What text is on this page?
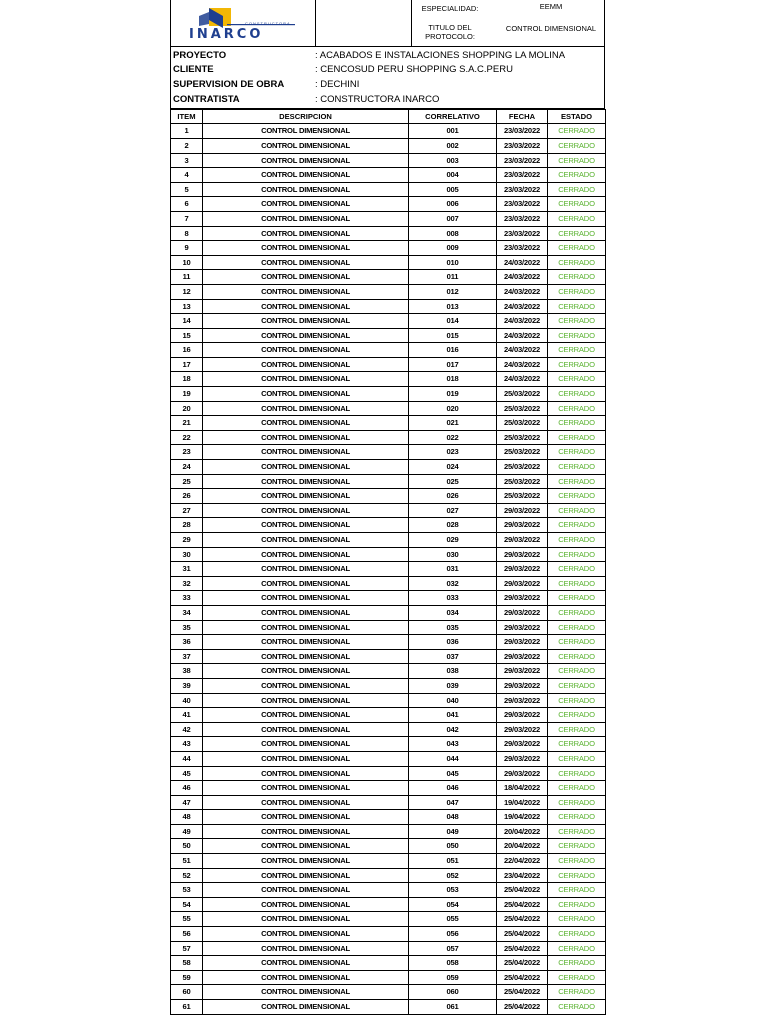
CONSTRUCTORA
INARCO
ESPECIALIDAD:	EEMM
TITULO DEL
PROTOCOLO:
CONTROL DIMENSIONAL
PROYECTO	: ACABADOS E INSTALACIONES SHOPPING LA MOLINA
CLIENTE	: CENCOSUD PERU SHOPPING S.A.C.PERU
SUPERVISION DE OBRA	: DECHINI
CONTRATISTA	: CONSTRUCTORA INARCO
ITEM	DESCRIPCION	CORRELATIVO	FECHA	ESTADO
1	CONTROL DIMENSIONAL	001	23/03/2022	CERRADO
2	CONTROL DIMENSIONAL	002	23/03/2022	CERRADO
3	CONTROL DIMENSIONAL	003	23/03/2022	CERRADO
4	CONTROL DIMENSIONAL	004	23/03/2022	CERRADO
5	CONTROL DIMENSIONAL	005	23/03/2022	CERRADO
6	CONTROL DIMENSIONAL	006	23/03/2022	CERRADO
7	CONTROL DIMENSIONAL	007	23/03/2022	CERRADO
8	CONTROL DIMENSIONAL	008	23/03/2022	CERRADO
9	CONTROL DIMENSIONAL	009	23/03/2022	CERRADO
10	CONTROL DIMENSIONAL	010	24/03/2022	CERRADO
11	CONTROL DIMENSIONAL	011	24/03/2022	CERRADO
12	CONTROL DIMENSIONAL	012	24/03/2022	CERRADO
13	CONTROL DIMENSIONAL	013	24/03/2022	CERRADO
14	CONTROL DIMENSIONAL	014	24/03/2022	CERRADO
15	CONTROL DIMENSIONAL	015	24/03/2022	CERRADO
16	CONTROL DIMENSIONAL	016	24/03/2022	CERRADO
17	CONTROL DIMENSIONAL	017	24/03/2022	CERRADO
18	CONTROL DIMENSIONAL	018	24/03/2022	CERRADO
19	CONTROL DIMENSIONAL	019	25/03/2022	CERRADO
20	CONTROL DIMENSIONAL	020	25/03/2022	CERRADO
21	CONTROL DIMENSIONAL	021	25/03/2022	CERRADO
22	CONTROL DIMENSIONAL	022	25/03/2022	CERRADO
23	CONTROL DIMENSIONAL	023	25/03/2022	CERRADO
24	CONTROL DIMENSIONAL	024	25/03/2022	CERRADO
25	CONTROL DIMENSIONAL	025	25/03/2022	CERRADO
26	CONTROL DIMENSIONAL	026	25/03/2022	CERRADO
27	CONTROL DIMENSIONAL	027	29/03/2022	CERRADO
28	CONTROL DIMENSIONAL	028	29/03/2022	CERRADO
29	CONTROL DIMENSIONAL	029	29/03/2022	CERRADO
30	CONTROL DIMENSIONAL	030	29/03/2022	CERRADO
31	CONTROL DIMENSIONAL	031	29/03/2022	CERRADO
32	CONTROL DIMENSIONAL	032	29/03/2022	CERRADO
33	CONTROL DIMENSIONAL	033	29/03/2022	CERRADO
34	CONTROL DIMENSIONAL	034	29/03/2022	CERRADO
35	CONTROL DIMENSIONAL	035	29/03/2022	CERRADO
36	CONTROL DIMENSIONAL	036	29/03/2022	CERRADO
37	CONTROL DIMENSIONAL	037	29/03/2022	CERRADO
38	CONTROL DIMENSIONAL	038	29/03/2022	CERRADO
39	CONTROL DIMENSIONAL	039	29/03/2022	CERRADO
40	CONTROL DIMENSIONAL	040	29/03/2022	CERRADO
41	CONTROL DIMENSIONAL	041	29/03/2022	CERRADO
42	CONTROL DIMENSIONAL	042	29/03/2022	CERRADO
43	CONTROL DIMENSIONAL	043	29/03/2022	CERRADO
44	CONTROL DIMENSIONAL	044	29/03/2022	CERRADO
45	CONTROL DIMENSIONAL	045	29/03/2022	CERRADO
46	CONTROL DIMENSIONAL	046	18/04/2022	CERRADO
47	CONTROL DIMENSIONAL	047	19/04/2022	CERRADO
48	CONTROL DIMENSIONAL	048	19/04/2022	CERRADO
49	CONTROL DIMENSIONAL	049	20/04/2022	CERRADO
50	CONTROL DIMENSIONAL	050	20/04/2022	CERRADO
51	CONTROL DIMENSIONAL	051	22/04/2022	CERRADO
52	CONTROL DIMENSIONAL	052	23/04/2022	CERRADO
53	CONTROL DIMENSIONAL	053	25/04/2022	CERRADO
54	CONTROL DIMENSIONAL	054	25/04/2022	CERRADO
55	CONTROL DIMENSIONAL	055	25/04/2022	CERRADO
56	CONTROL DIMENSIONAL	056	25/04/2022	CERRADO
57	CONTROL DIMENSIONAL	057	25/04/2022	CERRADO
58	CONTROL DIMENSIONAL	058	25/04/2022	CERRADO
59	CONTROL DIMENSIONAL	059	25/04/2022	CERRADO
60	CONTROL DIMENSIONAL	060	25/04/2022	CERRADO
61	CONTROL DIMENSIONAL	061	25/04/2022	CERRADO
